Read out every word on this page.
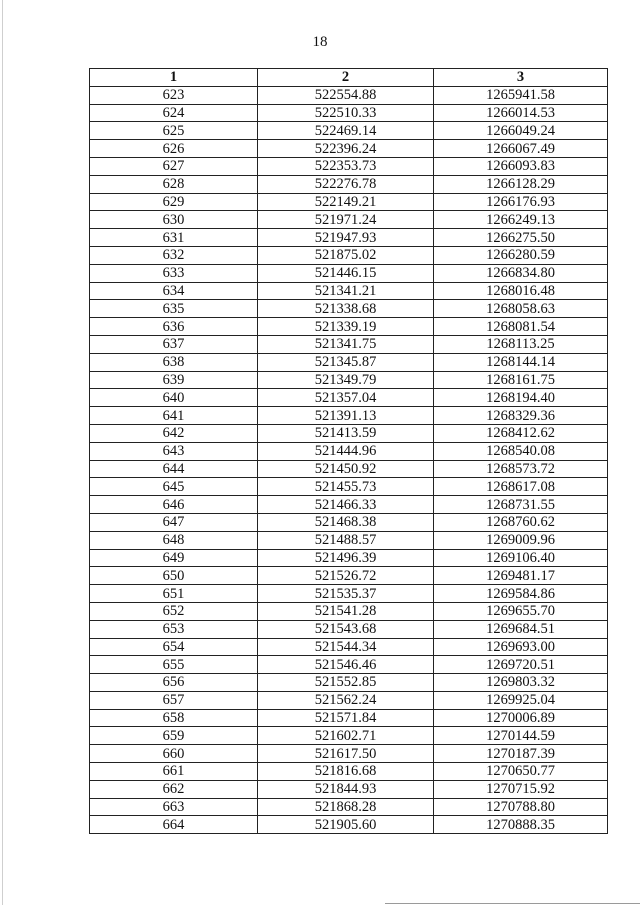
18
1	2	3
623	522554.88	1265941.58
624	522510.33	1266014.53
625	522469.14	1266049.24
626	522396.24	1266067.49
627	522353.73	1266093.83
628	522276.78	1266128.29
629	522149.21	1266176.93
630	521971.24	1266249.13
631	521947.93	1266275.50
632	521875.02	1266280.59
633	521446.15	1266834.80
634	521341.21	1268016.48
635	521338.68	1268058.63
636	521339.19	1268081.54
637	521341.75	1268113.25
638	521345.87	1268144.14
639	521349.79	1268161.75
640	521357.04	1268194.40
641	521391.13	1268329.36
642	521413.59	1268412.62
643	521444.96	1268540.08
644	521450.92	1268573.72
645	521455.73	1268617.08
646	521466.33	1268731.55
647	521468.38	1268760.62
648	521488.57	1269009.96
649	521496.39	1269106.40
650	521526.72	1269481.17
651	521535.37	1269584.86
652	521541.28	1269655.70
653	521543.68	1269684.51
654	521544.34	1269693.00
655	521546.46	1269720.51
656	521552.85	1269803.32
657	521562.24	1269925.04
658	521571.84	1270006.89
659	521602.71	1270144.59
660	521617.50	1270187.39
661	521816.68	1270650.77
662	521844.93	1270715.92
663	521868.28	1270788.80
664	521905.60	1270888.35
